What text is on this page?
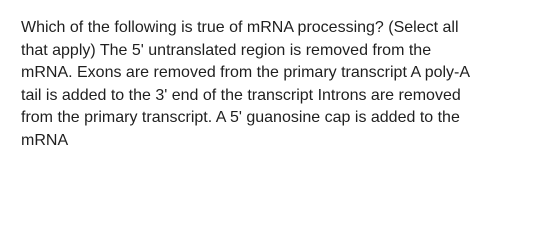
Which of the following is true of mRNA processing? (Select all
that apply) The 5' untranslated region is removed from the
mRNA. Exons are removed from the primary transcript A poly-A
tail is added to the 3' end of the transcript Introns are removed
from the primary transcript. A 5' guanosine cap is added to the
mRNA
